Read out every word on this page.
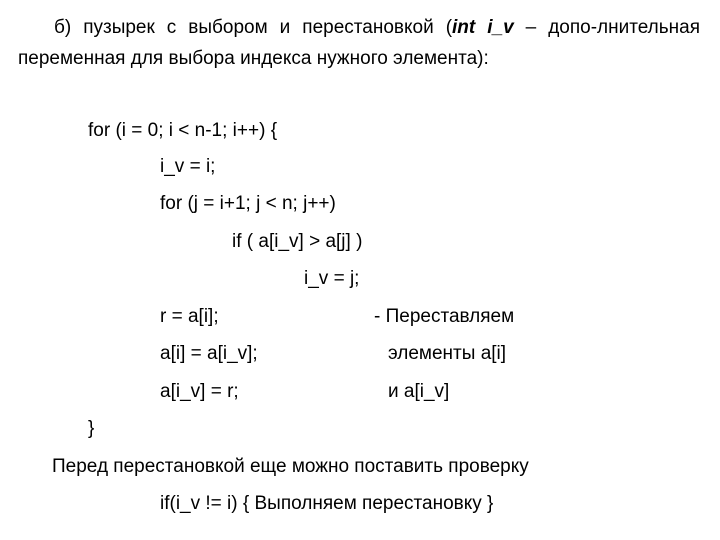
б) пузырек с выбором и перестановкой (int i_v – допо-лнительная переменная для выбора индекса нужного элемента):

for (i = 0; i < n-1; i++) {
i_v = i;
for (j = i+1; j < n; j++)
if ( a[i_v] > a[j] )
i_v = j;
r = a[i];
a[i] = a[i_v];
a[i_v] = r;
}
- Переставляем
элементы a[i]
и a[i_v]
Перед перестановкой еще можно поставить проверку
if(i_v != i) { Выполняем перестановку }
